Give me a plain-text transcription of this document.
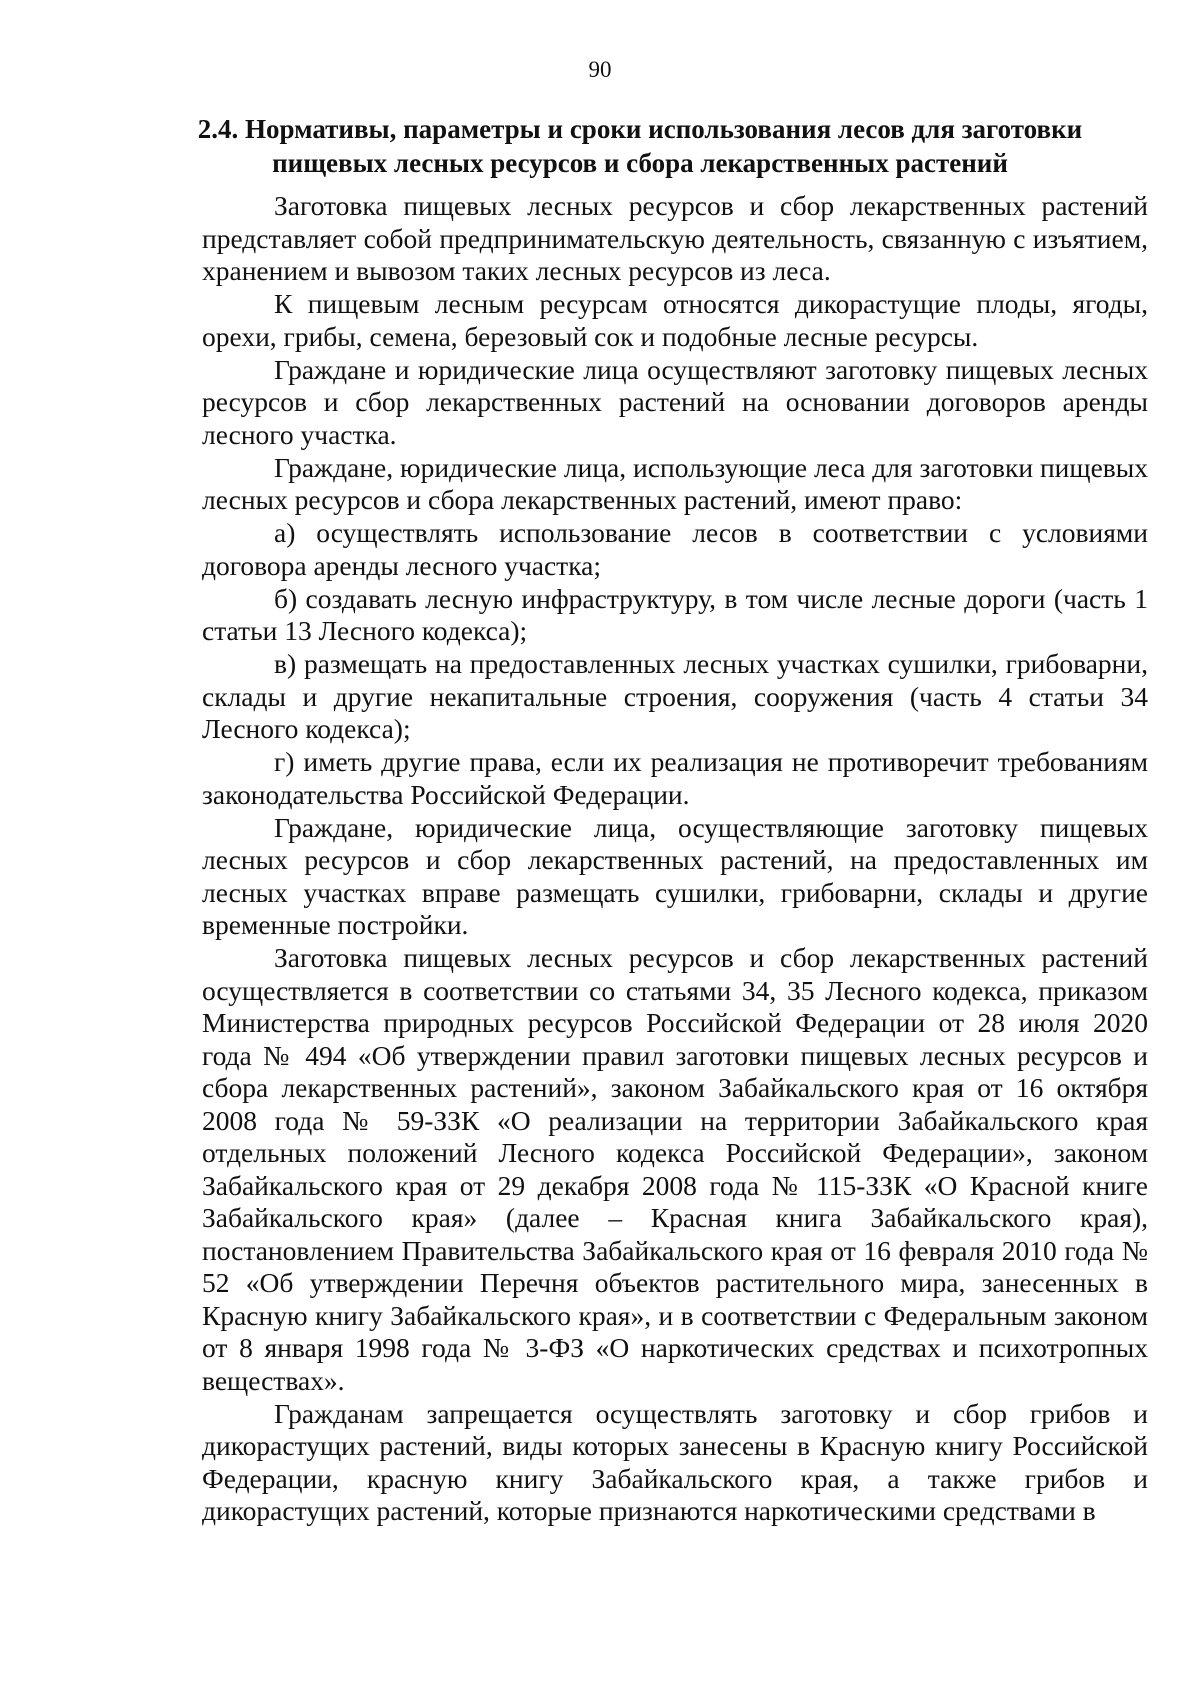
90
2.4. Нормативы, параметры и сроки использования лесов для заготовки
пищевых лесных ресурсов и сбора лекарственных растений

Заготовка пищевых лесных ресурсов и сбор лекарственных растений представляет собой предпринимательскую деятельность, связанную с изъятием, хранением и вывозом таких лесных ресурсов из леса.

К пищевым лесным ресурсам относятся дикорастущие плоды, ягоды, орехи, грибы, семена, березовый сок и подобные лесные ресурсы.

Граждане и юридические лица осуществляют заготовку пищевых лесных ресурсов и сбор лекарственных растений на основании договоров аренды лесного участка.

Граждане, юридические лица, использующие леса для заготовки пищевых лесных ресурсов и сбора лекарственных растений, имеют право:

а) осуществлять использование лесов в соответствии с условиями договора аренды лесного участка;

б) создавать лесную инфраструктуру, в том числе лесные дороги (часть 1 статьи 13 Лесного кодекса);

в) размещать на предоставленных лесных участках сушилки, грибоварни, склады и другие некапитальные строения, сооружения (часть 4 статьи 34 Лесного кодекса);

г) иметь другие права, если их реализация не противоречит требованиям законодательства Российской Федерации.

Граждане, юридические лица, осуществляющие заготовку пищевых лесных ресурсов и сбор лекарственных растений, на предоставленных им лесных участках вправе размещать сушилки, грибоварни, склады и другие временные постройки.

Заготовка пищевых лесных ресурсов и сбор лекарственных растений осуществляется в соответствии со статьями 34, 35 Лесного кодекса, приказом Министерства природных ресурсов Российской Федерации от 28 июля 2020 года № 494 «Об утверждении правил заготовки пищевых лесных ресурсов и сбора лекарственных растений», законом Забайкальского края от 16 октября 2008 года № 59-ЗЗК «О реализации на территории Забайкальского края отдельных положений Лесного кодекса Российской Федерации», законом Забайкальского края от 29 декабря 2008 года № 115-ЗЗК «О Красной книге Забайкальского края» (далее – Красная книга Забайкальского края), постановлением Правительства Забайкальского края от 16 февраля 2010 года № 52 «Об утверждении Перечня объектов растительного мира, занесенных в Красную книгу Забайкальского края», и в соответствии с Федеральным законом от 8 января 1998 года № 3-ФЗ «О наркотических средствах и психотропных веществах».

Гражданам запрещается осуществлять заготовку и сбор грибов и дикорастущих растений, виды которых занесены в Красную книгу Российской Федерации, красную книгу Забайкальского края, а также грибов и дикорастущих растений, которые признаются наркотическими средствами в
